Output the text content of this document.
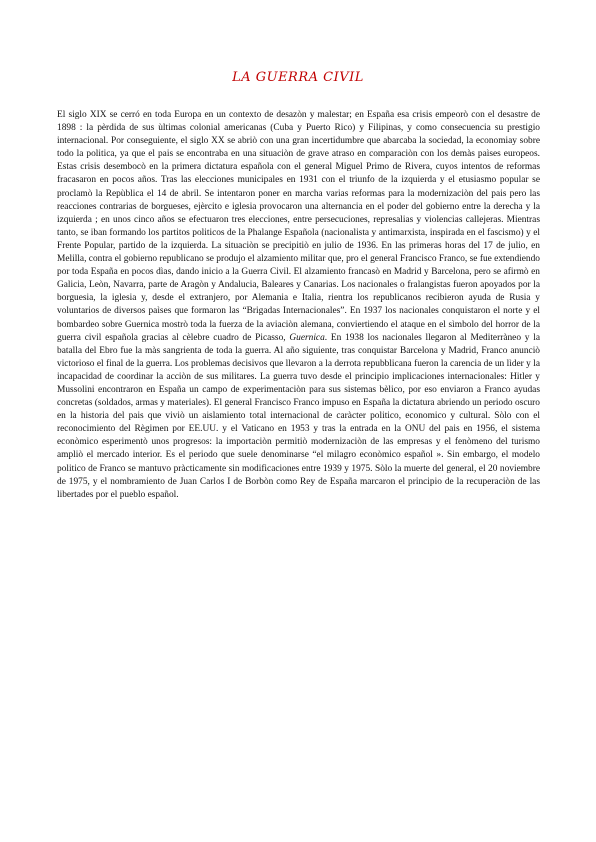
LA GUERRA CIVIL

El siglo XIX se cerró en toda Europa en un contexto de desazòn y malestar; en España esa crisis empeorò con el desastre de 1898 : la pèrdida de sus ùltimas colonial americanas (Cuba y Puerto Rico) y Filipinas, y como consecuencia su prestigio internacional. Por conseguiente, el siglo XX se abriò con una gran incertidumbre que abarcaba la sociedad, la economiay sobre todo la politica, ya que el pais se encontraba en una situaciòn de grave atraso en comparaciòn con los demàs paìses europeos. Estas crisis desembocò en la primera dictatura española con el general Miguel Primo de Rivera, cuyos intentos de reformas fracasaron en pocos años. Tras las elecciones municipales en 1931 con el triunfo de la izquierda y el etusiasmo popular se proclamò la Repùblica el 14 de abril. Se intentaron poner en marcha varias reformas para la modernizaciòn del pais pero las reacciones contrarias de borgueses, ejèrcito e iglesia provocaron una alternancia en el poder del gobierno entre la derecha y la izquierda ; en unos cinco años se efectuaron tres elecciones, entre persecuciones, represalias y violencias callejeras. Mientras tanto, se iban formando los partitos politicos de la Phalange Española (nacionalista y antimarxista, inspirada en el fascismo) y el Frente Popular, partido de la izquierda. La situaciòn se precipitiò en julio de 1936. En las primeras horas del 17 de julio, en Melilla, contra el gobierno republicano se produjo el alzamiento militar que, pro el general Francisco Franco, se fue extendiendo por toda España en pocos dìas, dando inicio a la Guerra Civil. El alzamiento francasò en Madrid y Barcelona, pero se afirmò en Galicia, Leòn, Navarra, parte de Aragòn y Andalucia, Baleares y Canarias. Los nacionales o fralangistas fueron apoyados por la borguesia, la iglesia y, desde el extranjero, por Alemania e Italia, rientra los republicanos recibieron ayuda de Rusia y voluntarios de diversos paìses que formaron las “Brigadas Internacionales”. En 1937 los nacionales conquistaron el norte y el bombardeo sobre Guernica mostrò toda la fuerza de la aviaciòn alemana, conviertiendo el ataque en el sìmbolo del horror de la guerra civil española gracias al cèlebre cuadro de Picasso, Guernica. En 1938 los nacionales llegaron al Mediterràneo y la batalla del Ebro fue la màs sangrienta de toda la guerra. Al año siguiente, tras conquistar Barcelona y Madrid, Franco anunciò victorioso el final de la guerra. Los problemas decisivos que llevaron a la derrota repubblicana fueron la carencia de un lìder y la incapacidad de coordinar la acciòn de sus militares. La guerra tuvo desde el principio implicaciones internacionales: Hitler y Mussolini encontraron en España un campo de experimentaciòn para sus sistemas bèlico, por eso enviaron a Franco ayudas concretas (soldados, armas y materiales). El general Francisco Franco impuso en España la dictatura abriendo un periodo oscuro en la historia del pais que viviò un aislamiento total internacional de caràcter politico, economico y cultural. Sòlo con el reconocimiento del Règimen por EE.UU. y el Vaticano en 1953 y tras la entrada en la ONU del pais en 1956, el sistema econòmico esperimentò unos progresos: la importaciòn permitiò modernizaciòn de las empresas y el fenòmeno del turismo ampliò el mercado interior. Es el periodo que suele denominarse “el milagro econòmico español ». Sin embargo, el modelo politico de Franco se mantuvo pràcticamente sin modificaciones entre 1939 y 1975. Sòlo la muerte del general, el 20 noviembre de 1975, y el nombramiento de Juan Carlos I de Borbòn como Rey de España marcaron el principio de la recuperaciòn de las libertades por el pueblo español.
